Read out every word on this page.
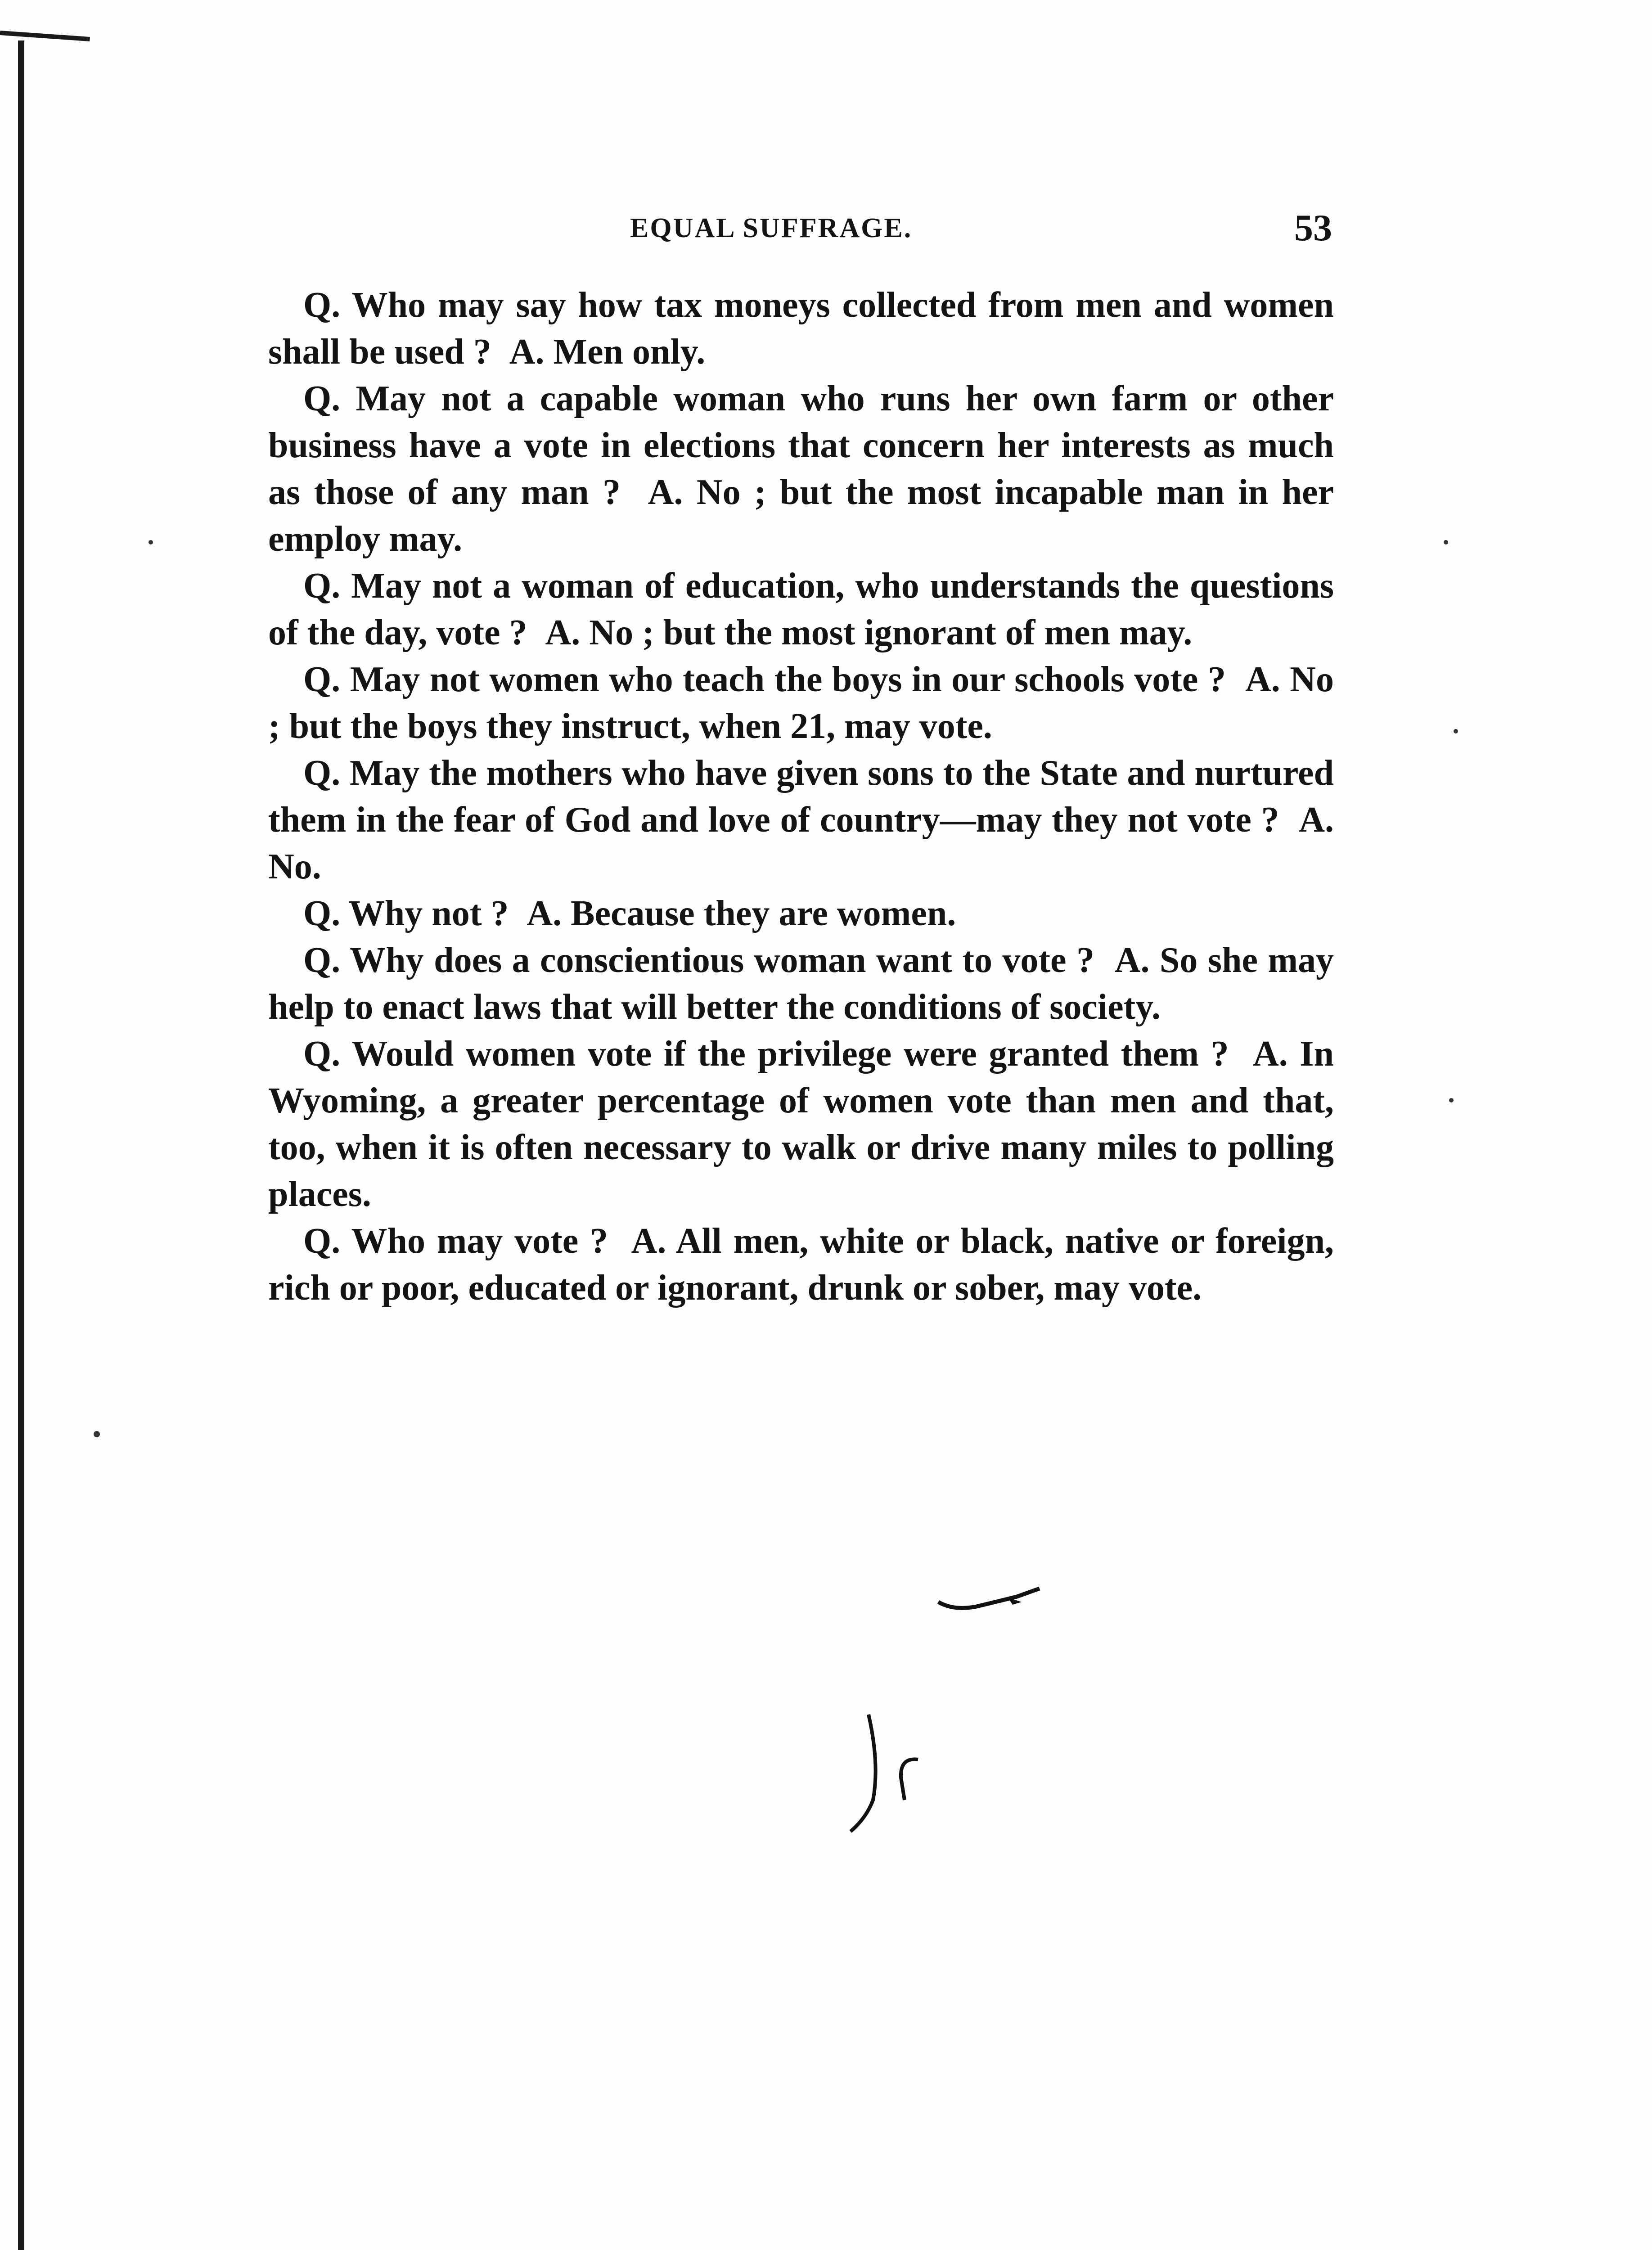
EQUAL SUFFRAGE.	53

Q. Who may say how tax moneys collected from men and women shall be used ? A. Men only.

Q. May not a capable woman who runs her own farm or other business have a vote in elections that concern her interests as much as those of any man ? A. No ; but the most incapable man in her employ may.

Q. May not a woman of education, who understands the questions of the day, vote ? A. No ; but the most ignorant of men may.

Q. May not women who teach the boys in our schools vote ? A. No ; but the boys they instruct, when 21, may vote.

Q. May the mothers who have given sons to the State and nurtured them in the fear of God and love of country—may they not vote ? A. No.

Q. Why not ? A. Because they are women.

Q. Why does a conscientious woman want to vote ? A. So she may help to enact laws that will better the conditions of society.

Q. Would women vote if the privilege were granted them ? A. In Wyoming, a greater percentage of women vote than men and that, too, when it is often necessary to walk or drive many miles to polling places.

Q. Who may vote ? A. All men, white or black, native or foreign, rich or poor, educated or ignorant, drunk or sober, may vote.
